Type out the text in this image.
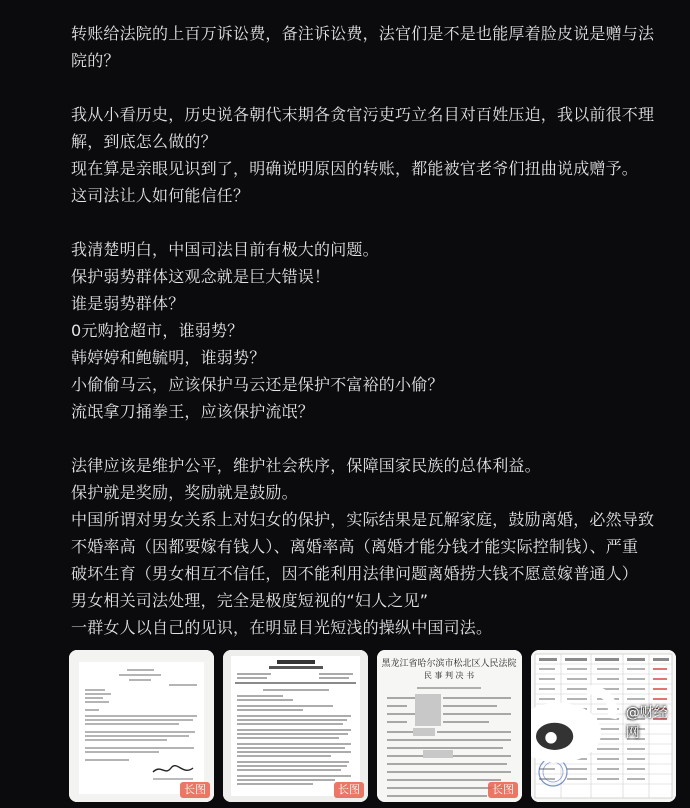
转账给法院的上百万诉讼费，备注诉讼费，法官们是不是也能厚着脸皮说是赠与法
院的？
我从小看历史，历史说各朝代末期各贪官污吏巧立名目对百姓压迫，我以前很不理
解，到底怎么做的？
现在算是亲眼见识到了，明确说明原因的转账，都能被官老爷们扭曲说成赠予。
这司法让人如何能信任？
我清楚明白，中国司法目前有极大的问题。
保护弱势群体这观念就是巨大错误！
谁是弱势群体？
0元购抢超市，谁弱势？
韩婷婷和鲍毓明，谁弱势？
小偷偷马云，应该保护马云还是保护不富裕的小偷？
流氓拿刀捅拳王，应该保护流氓？
法律应该是维护公平，维护社会秩序，保障国家民族的总体利益。
保护就是奖励，奖励就是鼓励。
中国所谓对男女关系上对妇女的保护，实际结果是瓦解家庭，鼓励离婚，必然导致
不婚率高（因都要嫁有钱人）、离婚率高（离婚才能分钱才能实际控制钱）、严重
破坏生育（男女相互不信任，因不能利用法律问题离婚捞大钱不愿意嫁普通人）
男女相关司法处理，完全是极度短视的“妇人之见”
一群女人以自己的见识，在明显目光短浅的操纵中国司法。
长图	长图
黑龙江省哈尔滨市松北区人民法院
民 事 判 决 书
长图
@财经网
